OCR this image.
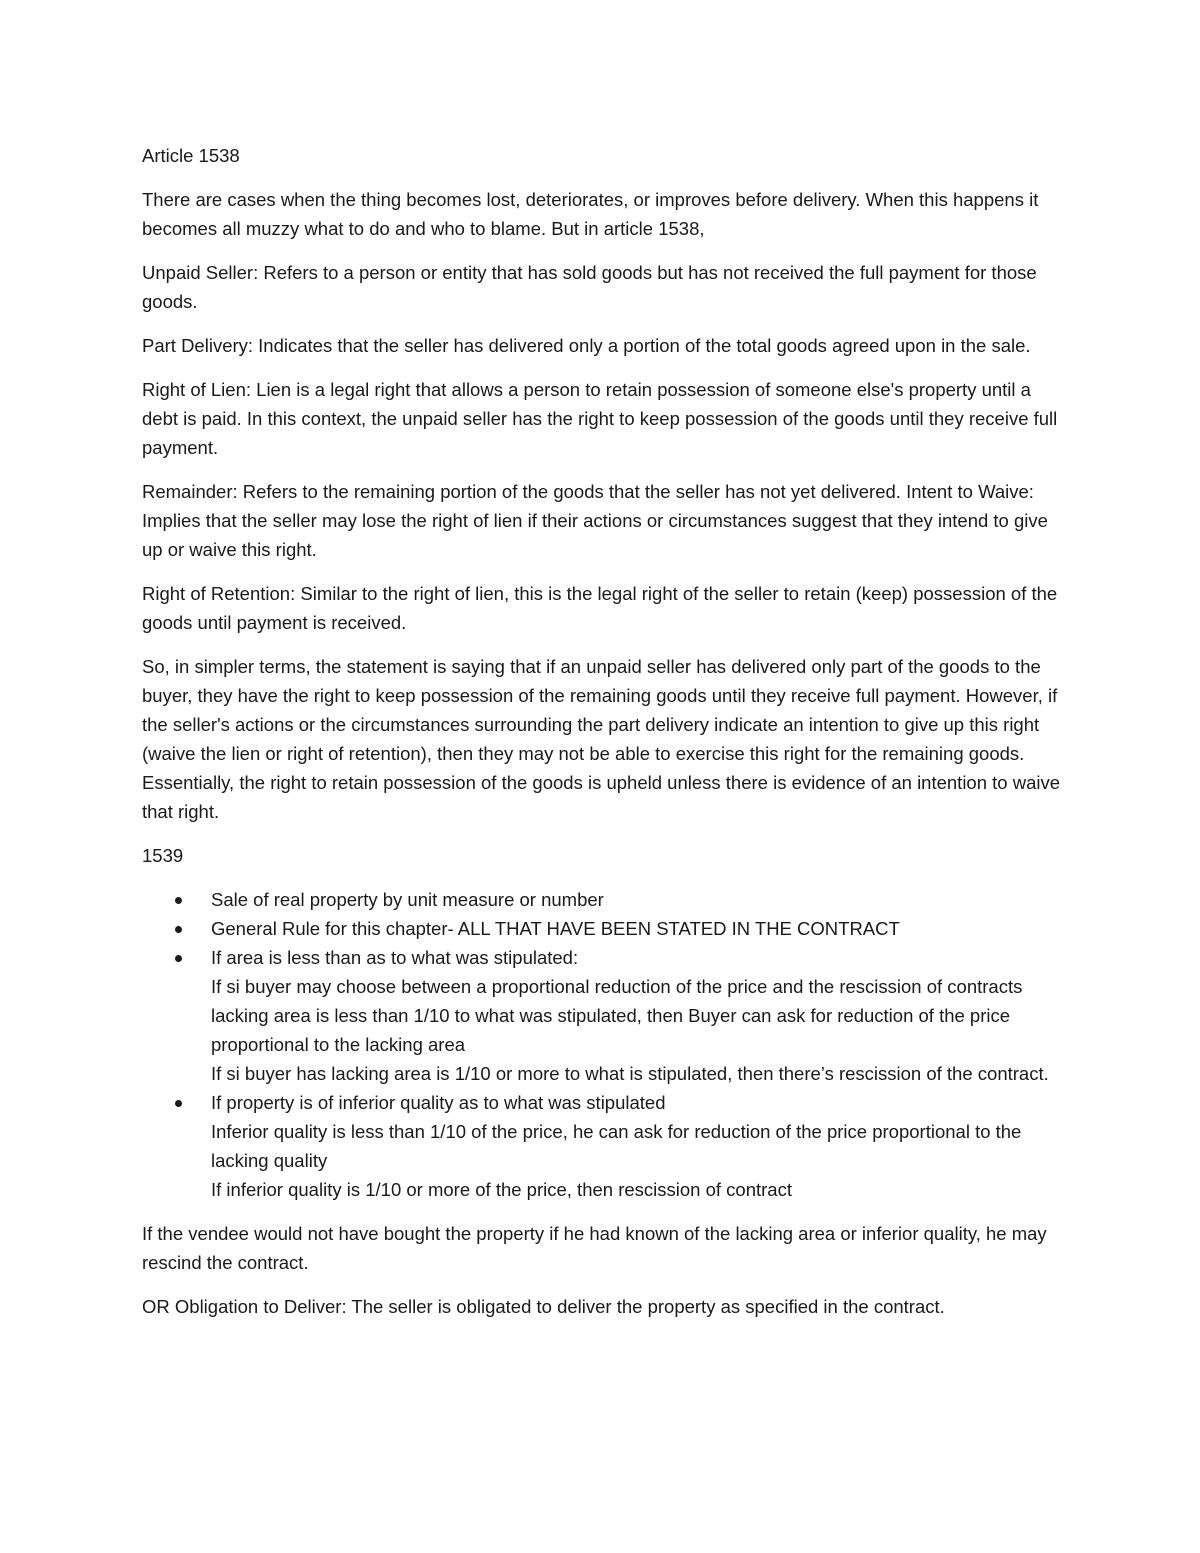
Article 1538

There are cases when the thing becomes lost, deteriorates, or improves before delivery. When this happens it becomes all muzzy what to do and who to blame. But in article 1538,

Unpaid Seller: Refers to a person or entity that has sold goods but has not received the full payment for those goods.

Part Delivery: Indicates that the seller has delivered only a portion of the total goods agreed upon in the sale.

Right of Lien: Lien is a legal right that allows a person to retain possession of someone else's property until a debt is paid. In this context, the unpaid seller has the right to keep possession of the goods until they receive full payment.

Remainder: Refers to the remaining portion of the goods that the seller has not yet delivered. Intent to Waive: Implies that the seller may lose the right of lien if their actions or circumstances suggest that they intend to give up or waive this right.

Right of Retention: Similar to the right of lien, this is the legal right of the seller to retain (keep) possession of the goods until payment is received.

So, in simpler terms, the statement is saying that if an unpaid seller has delivered only part of the goods to the buyer, they have the right to keep possession of the remaining goods until they receive full payment. However, if the seller's actions or the circumstances surrounding the part delivery indicate an intention to give up this right (waive the lien or right of retention), then they may not be able to exercise this right for the remaining goods. Essentially, the right to retain possession of the goods is upheld unless there is evidence of an intention to waive that right.

1539

Sale of real property by unit measure or number
General Rule for this chapter- ALL THAT HAVE BEEN STATED IN THE CONTRACT
If area is less than as to what was stipulated:
If si buyer may choose between a proportional reduction of the price and the rescission of contracts
lacking area is less than 1/10 to what was stipulated, then Buyer can ask for reduction of the price proportional to the lacking area
If si buyer has lacking area is 1/10 or more to what is stipulated, then there’s rescission of the contract.
If property is of inferior quality as to what was stipulated
Inferior quality is less than 1/10 of the price, he can ask for reduction of the price proportional to the lacking quality
If inferior quality is 1/10 or more of the price, then rescission of contract

If the vendee would not have bought the property if he had known of the lacking area or inferior quality, he may rescind the contract.

OR Obligation to Deliver: The seller is obligated to deliver the property as specified in the contract.
